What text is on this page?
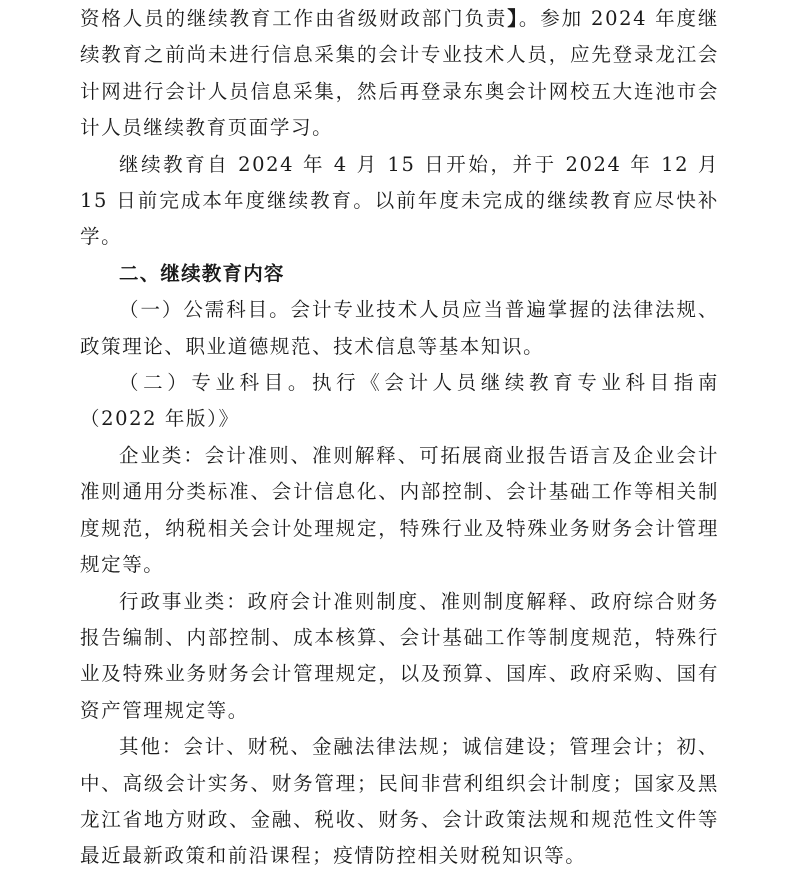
资格人员的继续教育工作由省级财政部门负责】。参加 2024 年度继续教育之前尚未进行信息采集的会计专业技术人员，应先登录龙江会计网进行会计人员信息采集，然后再登录东奥会计网校五大连池市会计人员继续教育页面学习。

继续教育自 2024 年 4 月 15 日开始，并于 2024 年 12 月 15 日前完成本年度继续教育。以前年度未完成的继续教育应尽快补学。

二、继续教育内容

（一）公需科目。会计专业技术人员应当普遍掌握的法律法规、政策理论、职业道德规范、技术信息等基本知识。

（二）专业科目。执行《会计人员继续教育专业科目指南（2022 年版）》

企业类：会计准则、准则解释、可拓展商业报告语言及企业会计准则通用分类标准、会计信息化、内部控制、会计基础工作等相关制度规范，纳税相关会计处理规定，特殊行业及特殊业务财务会计管理规定等。

行政事业类：政府会计准则制度、准则制度解释、政府综合财务报告编制、内部控制、成本核算、会计基础工作等制度规范，特殊行业及特殊业务财务会计管理规定，以及预算、国库、政府采购、国有资产管理规定等。

其他：会计、财税、金融法律法规；诚信建设；管理会计；初、中、高级会计实务、财务管理；民间非营利组织会计制度；国家及黑龙江省地方财政、金融、税收、财务、会计政策法规和规范性文件等最近最新政策和前沿课程；疫情防控相关财税知识等。
